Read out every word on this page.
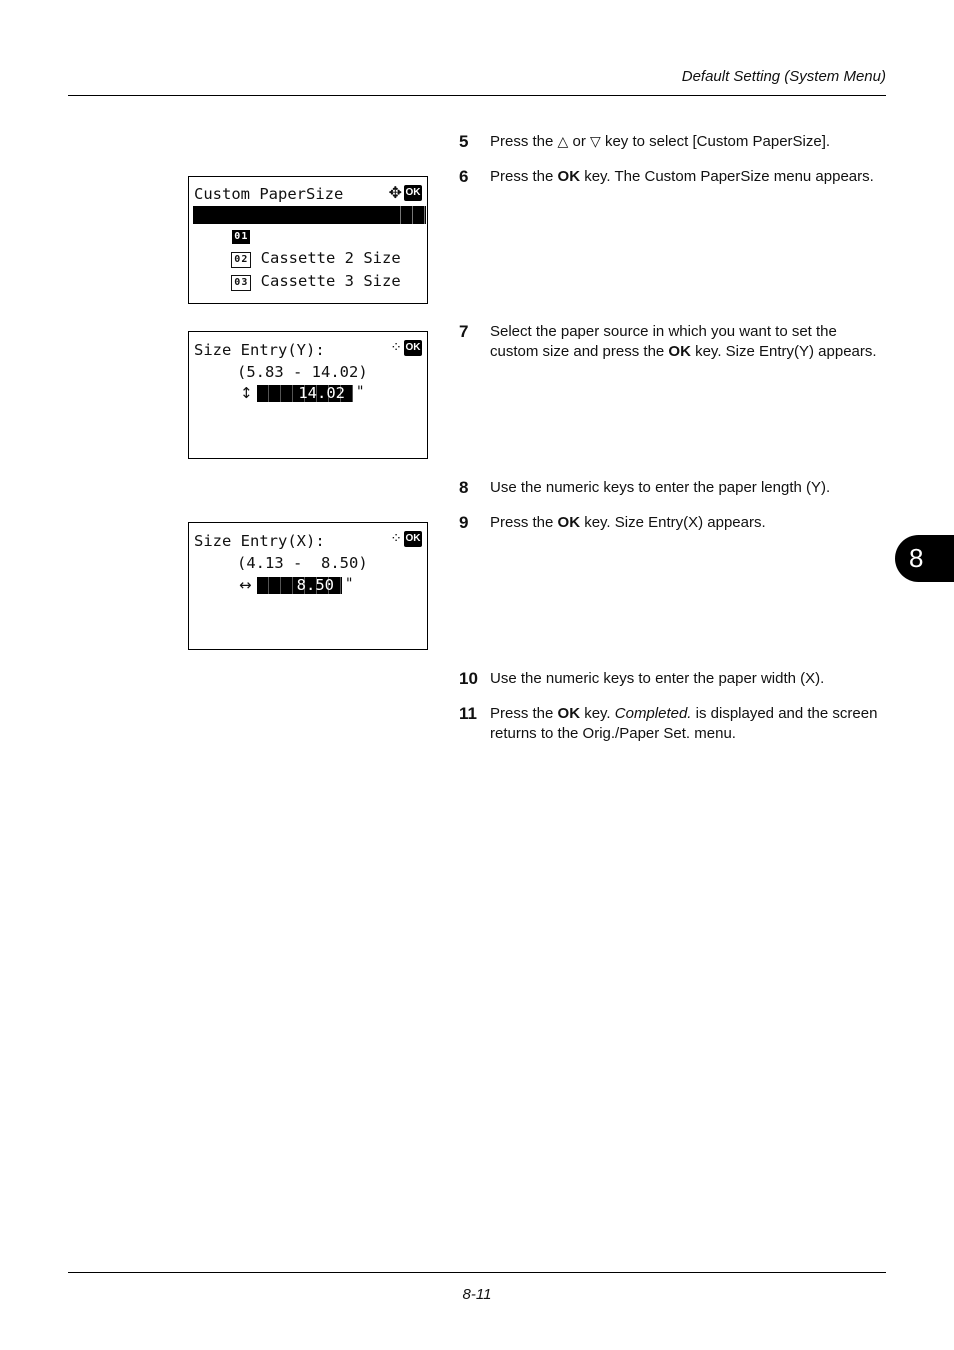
Default Setting (System Menu)
8
Custom PaperSize	✥ OK

01 Cassette 1 Size

02 Cassette 2 Size

03 Cassette 3 Size

Size Entry(Y):	⁘ OK
(5.83 - 14.02)
↕	14.02 "
Size Entry(X):	⁘ OK
(4.13 -  8.50)
↔	8.50 "
5	Press the △ or ▽ key to select [Custom PaperSize].
6	Press the OK key. The Custom PaperSize menu appears.
7	Select the paper source in which you want to set the custom size and press the OK key. Size Entry(Y) appears.
8	Use the numeric keys to enter the paper length (Y).
9	Press the OK key. Size Entry(X) appears.
10 Use the numeric keys to enter the paper width (X).
11 Press the OK key. Completed. is displayed and the screen returns to the Orig./Paper Set. menu.
8-11
